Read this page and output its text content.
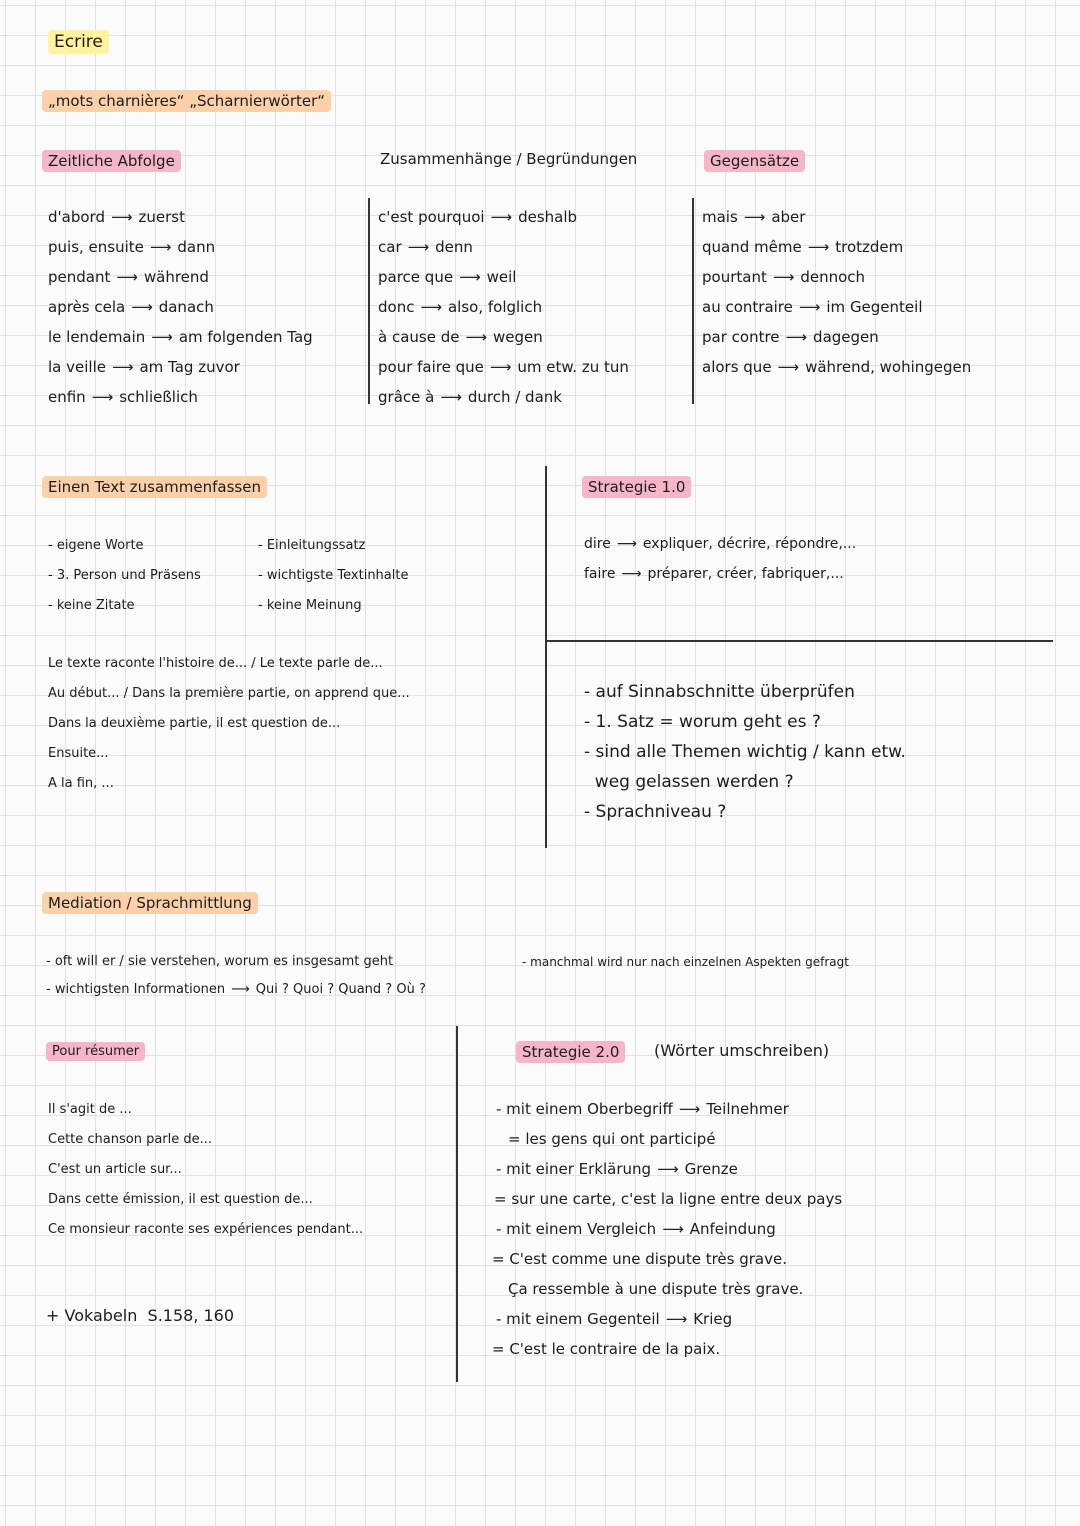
Ecrire
„mots charnières“ „Scharnierwörter“
Zeitliche Abfolge	Zusammenhänge / Begründungen	Gegensätze
d'abord ⟶ zuerst
puis, ensuite ⟶ dann
pendant ⟶ während
après cela ⟶ danach
le lendemain ⟶ am folgenden Tag
la veille ⟶ am Tag zuvor
enfin ⟶ schließlich
c'est pourquoi ⟶ deshalb
car ⟶ denn
parce que ⟶ weil
donc ⟶ also, folglich
à cause de ⟶ wegen
pour faire que ⟶ um etw. zu tun
grâce à ⟶ durch / dank
mais ⟶ aber
quand même ⟶ trotzdem
pourtant ⟶ dennoch
au contraire ⟶ im Gegenteil
par contre ⟶ dagegen
alors que ⟶ während, wohingegen
Einen Text zusammenfassen
- eigene Worte
- 3. Person und Präsens
- keine Zitate
- Einleitungssatz
- wichtigste Textinhalte
- keine Meinung
Le texte raconte l'histoire de... / Le texte parle de...
Au début... / Dans la première partie, on apprend que...
Dans la deuxième partie, il est question de...
Ensuite...
A la fin, ...
Strategie 1.0
dire ⟶ expliquer, décrire, répondre,...
faire ⟶ préparer, créer, fabriquer,...
- auf Sinnabschnitte überprüfen
- 1. Satz = worum geht es ?
- sind alle Themen wichtig / kann etw.
weg gelassen werden ?
- Sprachniveau ?
Mediation / Sprachmittlung
- oft will er / sie verstehen, worum es insgesamt geht
- wichtigsten Informationen ⟶ Qui ? Quoi ? Quand ? Où ?
- manchmal wird nur nach einzelnen Aspekten gefragt
Pour résumer
Il s'agit de ...
Cette chanson parle de...
C'est un article sur...
Dans cette émission, il est question de...
Ce monsieur raconte ses expériences pendant...
+ Vokabeln  S.158, 160
Strategie 2.0	(Wörter umschreiben)
- mit einem Oberbegriff ⟶ Teilnehmer
= les gens qui ont participé
- mit einer Erklärung ⟶ Grenze
= sur une carte, c'est la ligne entre deux pays
- mit einem Vergleich ⟶ Anfeindung
= C'est comme une dispute très grave.
Ça ressemble à une dispute très grave.
- mit einem Gegenteil ⟶ Krieg
= C'est le contraire de la paix.
